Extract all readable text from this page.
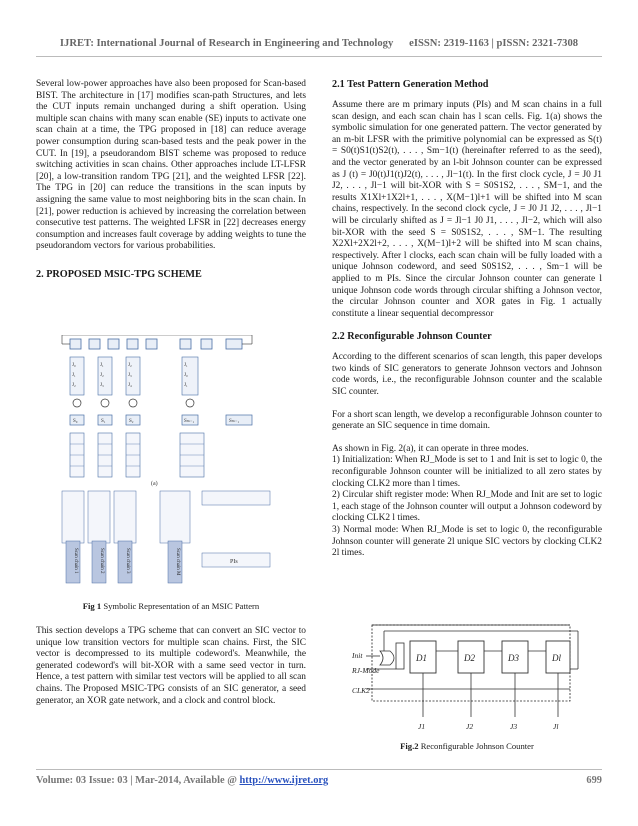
IJRET: International Journal of Research in Engineering and Technology eISSN: 2319-1163 | pISSN: 2321-7308

Several low-power approaches have also been proposed for Scan-based BIST. The architecture in [17] modifies scan-path Structures, and lets the CUT inputs remain unchanged during a shift operation. Using multiple scan chains with many scan enable (SE) inputs to activate one scan chain at a time, the TPG proposed in [18] can reduce average power consumption during scan-based tests and the peak power in the CUT. In [19], a pseudorandom BIST scheme was proposed to reduce switching activities in scan chains. Other approaches include LT-LFSR [20], a low-transition random TPG [21], and the weighted LFSR [22]. The TPG in [20] can reduce the transitions in the scan inputs by assigning the same value to most neighboring bits in the scan chain. In [21], power reduction is achieved by increasing the correlation between consecutive test patterns. The weighted LFSR in [22] decreases energy consumption and increases fault coverage by adding weights to tune the pseudorandom vectors for various probabilities.

2. PROPOSED MSIC-TPG SCHEME

J₀
J₁
J₂
J₁
J₂
J₃
J₂
J₃
J₄
J₁
J₀
J₁
S₀	S₁	S₂	Sₘ₋₁	Sₘ₋₁
(a)
PIs
Scan chain 1	Scan chain 2	Scan chain 3	Scan chain M
Fig 1 Symbolic Representation of an MSIC Pattern

This section develops a TPG scheme that can convert an SIC vector to unique low transition vectors for multiple scan chains. First, the SIC vector is decompressed to its multiple codeword's. Meanwhile, the generated codeword's will bit-XOR with a same seed vector in turn. Hence, a test pattern with similar test vectors will be applied to all scan chains. The Proposed MSIC-TPG consists of an SIC generator, a seed generator, an XOR gate network, and a clock and control block.

2.1 Test Pattern Generation Method

Assume there are m primary inputs (PIs) and M scan chains in a full scan design, and each scan chain has l scan cells. Fig. 1(a) shows the symbolic simulation for one generated pattern. The vector generated by an m-bit LFSR with the primitive polynomial can be expressed as S(t) = S0(t)S1(t)S2(t), . . . , Sm−1(t) (hereinafter referred to as the seed), and the vector generated by an l-bit Johnson counter can be expressed as J (t) = J0(t)J1(t)J2(t), . . . , Jl−1(t). In the first clock cycle, J = J0 J1 J2, . . . , Jl−1 will bit-XOR with S = S0S1S2, . . . , SM−1, and the results X1Xl+1X2l+1, . . . , X(M−1)l+1 will be shifted into M scan chains, respectively. In the second clock cycle, J = J0 J1 J2, . . . , Jl−1 will be circularly shifted as J = Jl−1 J0 J1, . . . , Jl−2, which will also bit-XOR with the seed S = S0S1S2, . . . , SM−1. The resulting X2Xl+2X2l+2, . . . , X(M−1)l+2 will be shifted into M scan chains, respectively. After l clocks, each scan chain will be fully loaded with a unique Johnson codeword, and seed S0S1S2, . . . , Sm−1 will be applied to m PIs. Since the circular Johnson counter can generate l unique Johnson code words through circular shifting a Johnson vector, the circular Johnson counter and XOR gates in Fig. 1 actually constitute a linear sequential decompressor

2.2 Reconfigurable Johnson Counter

According to the different scenarios of scan length, this paper develops two kinds of SIC generators to generate Johnson vectors and Johnson code words, i.e., the reconfigurable Johnson counter and the scalable SIC counter.

For a short scan length, we develop a reconfigurable Johnson counter to generate an SIC sequence in time domain.

As shown in Fig. 2(a), it can operate in three modes.

1) Initialization: When RJ_Mode is set to 1 and Init is set to logic 0, the reconfigurable Johnson counter will be initialized to all zero states by clocking CLK2 more than l times.

2) Circular shift register mode: When RJ_Mode and Init are set to logic 1, each stage of the Johnson counter will output a Johnson codeword by clocking CLK2 l times.

3) Normal mode: When RJ_Mode is set to logic 0, the reconfigurable Johnson counter will generate 2l unique SIC vectors by clocking CLK2 2l times.

Init
RJ-Mode
CLK2
D1	D2	D3	Dl
J1	J2	J3	Jl
Fig.2 Reconfigurable Johnson Counter
Volume: 03 Issue: 03 | Mar-2014, Available @ http://www.ijret.org	699
